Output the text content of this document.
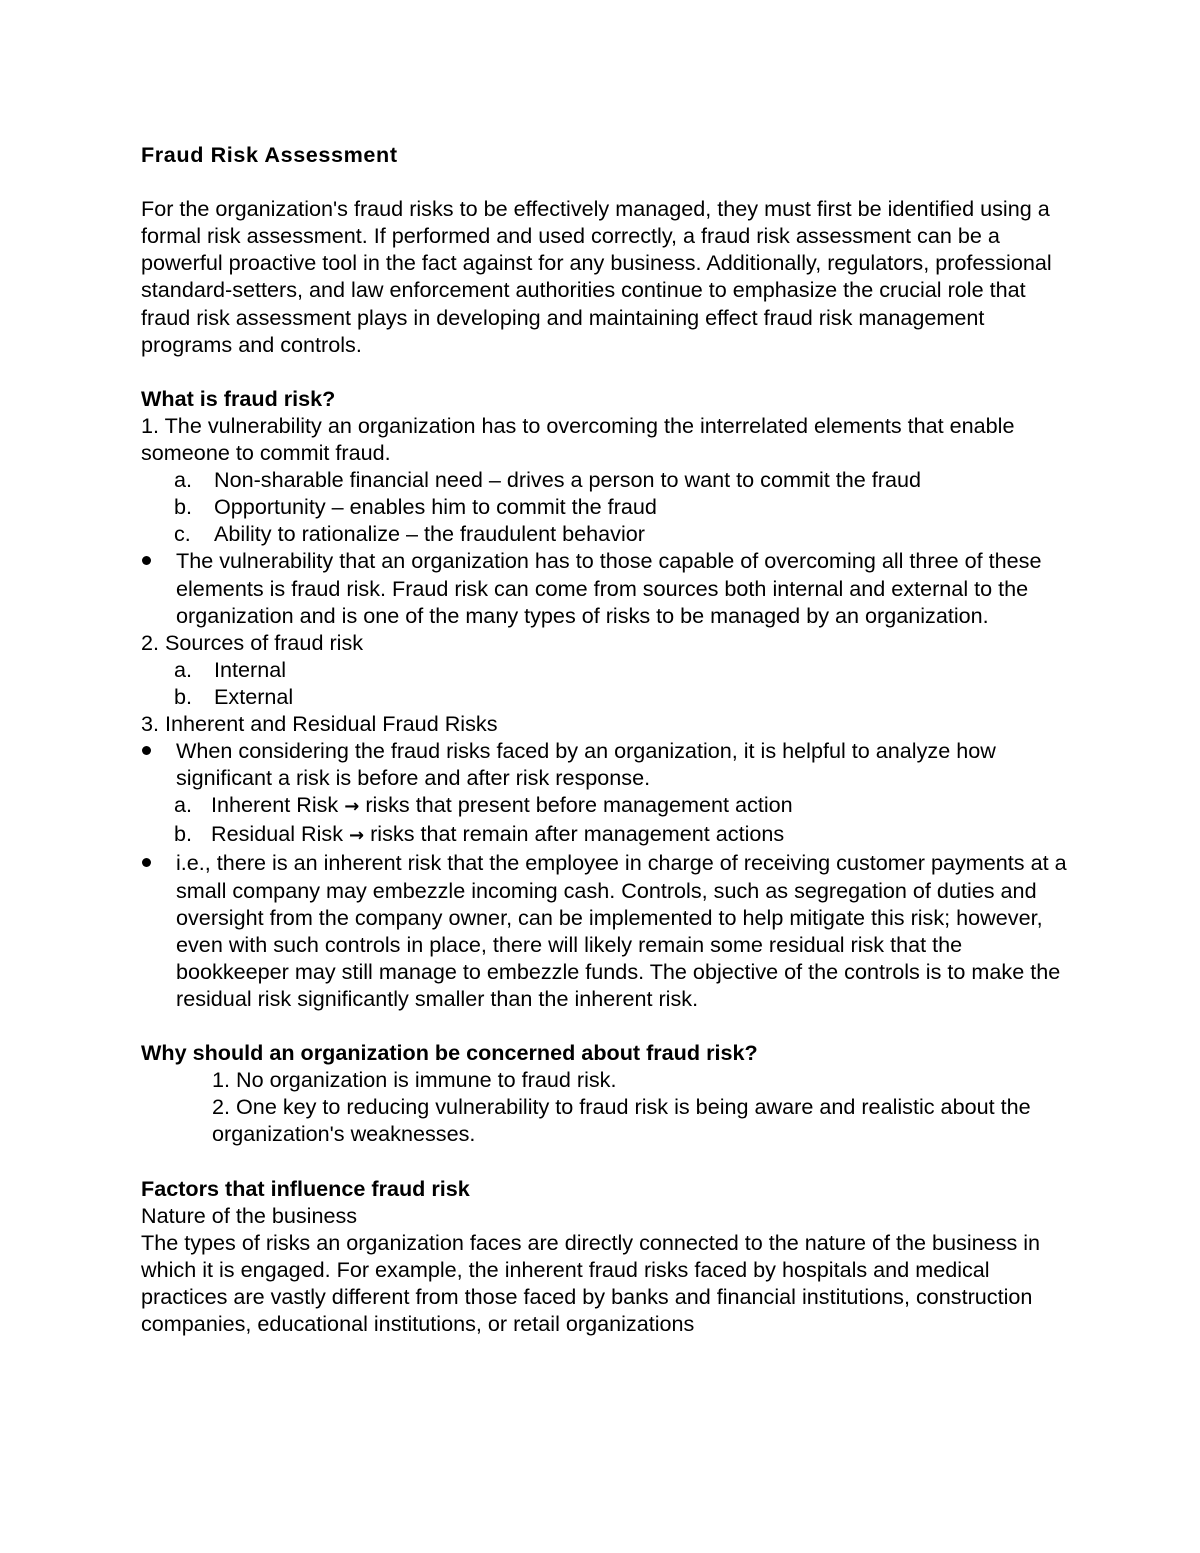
Fraud Risk Assessment

For the organization's fraud risks to be effectively managed, they must first be identified using a formal risk assessment. If performed and used correctly, a fraud risk assessment can be a powerful proactive tool in the fact against for any business. Additionally, regulators, professional standard-setters, and law enforcement authorities continue to emphasize the crucial role that fraud risk assessment plays in developing and maintaining effect fraud risk management programs and controls.

What is fraud risk?

1. The vulnerability an organization has to overcoming the interrelated elements that enable someone to commit fraud.

a.	Non-sharable financial need – drives a person to want to commit the fraud
b.	Opportunity – enables him to commit the fraud
c.	Ability to rationalize – the fraudulent behavior
The vulnerability that an organization has to those capable of overcoming all three of these elements is fraud risk. Fraud risk can come from sources both internal and external to the organization and is one of the many types of risks to be managed by an organization.

2. Sources of fraud risk

a.	Internal
b.	External

3. Inherent and Residual Fraud Risks

When considering the fraud risks faced by an organization, it is helpful to analyze how significant a risk is before and after risk response.
a. Inherent Risk → risks that present before management action
b. Residual Risk → risks that remain after management actions
i.e., there is an inherent risk that the employee in charge of receiving customer payments at a small company may embezzle incoming cash. Controls, such as segregation of duties and oversight from the company owner, can be implemented to help mitigate this risk; however, even with such controls in place, there will likely remain some residual risk that the bookkeeper may still manage to embezzle funds. The objective of the controls is to make the residual risk significantly smaller than the inherent risk.

Why should an organization be concerned about fraud risk?

1. No organization is immune to fraud risk.

2. One key to reducing vulnerability to fraud risk is being aware and realistic about the organization's weaknesses.

Factors that influence fraud risk

Nature of the business

The types of risks an organization faces are directly connected to the nature of the business in which it is engaged. For example, the inherent fraud risks faced by hospitals and medical practices are vastly different from those faced by banks and financial institutions, construction companies, educational institutions, or retail organizations
